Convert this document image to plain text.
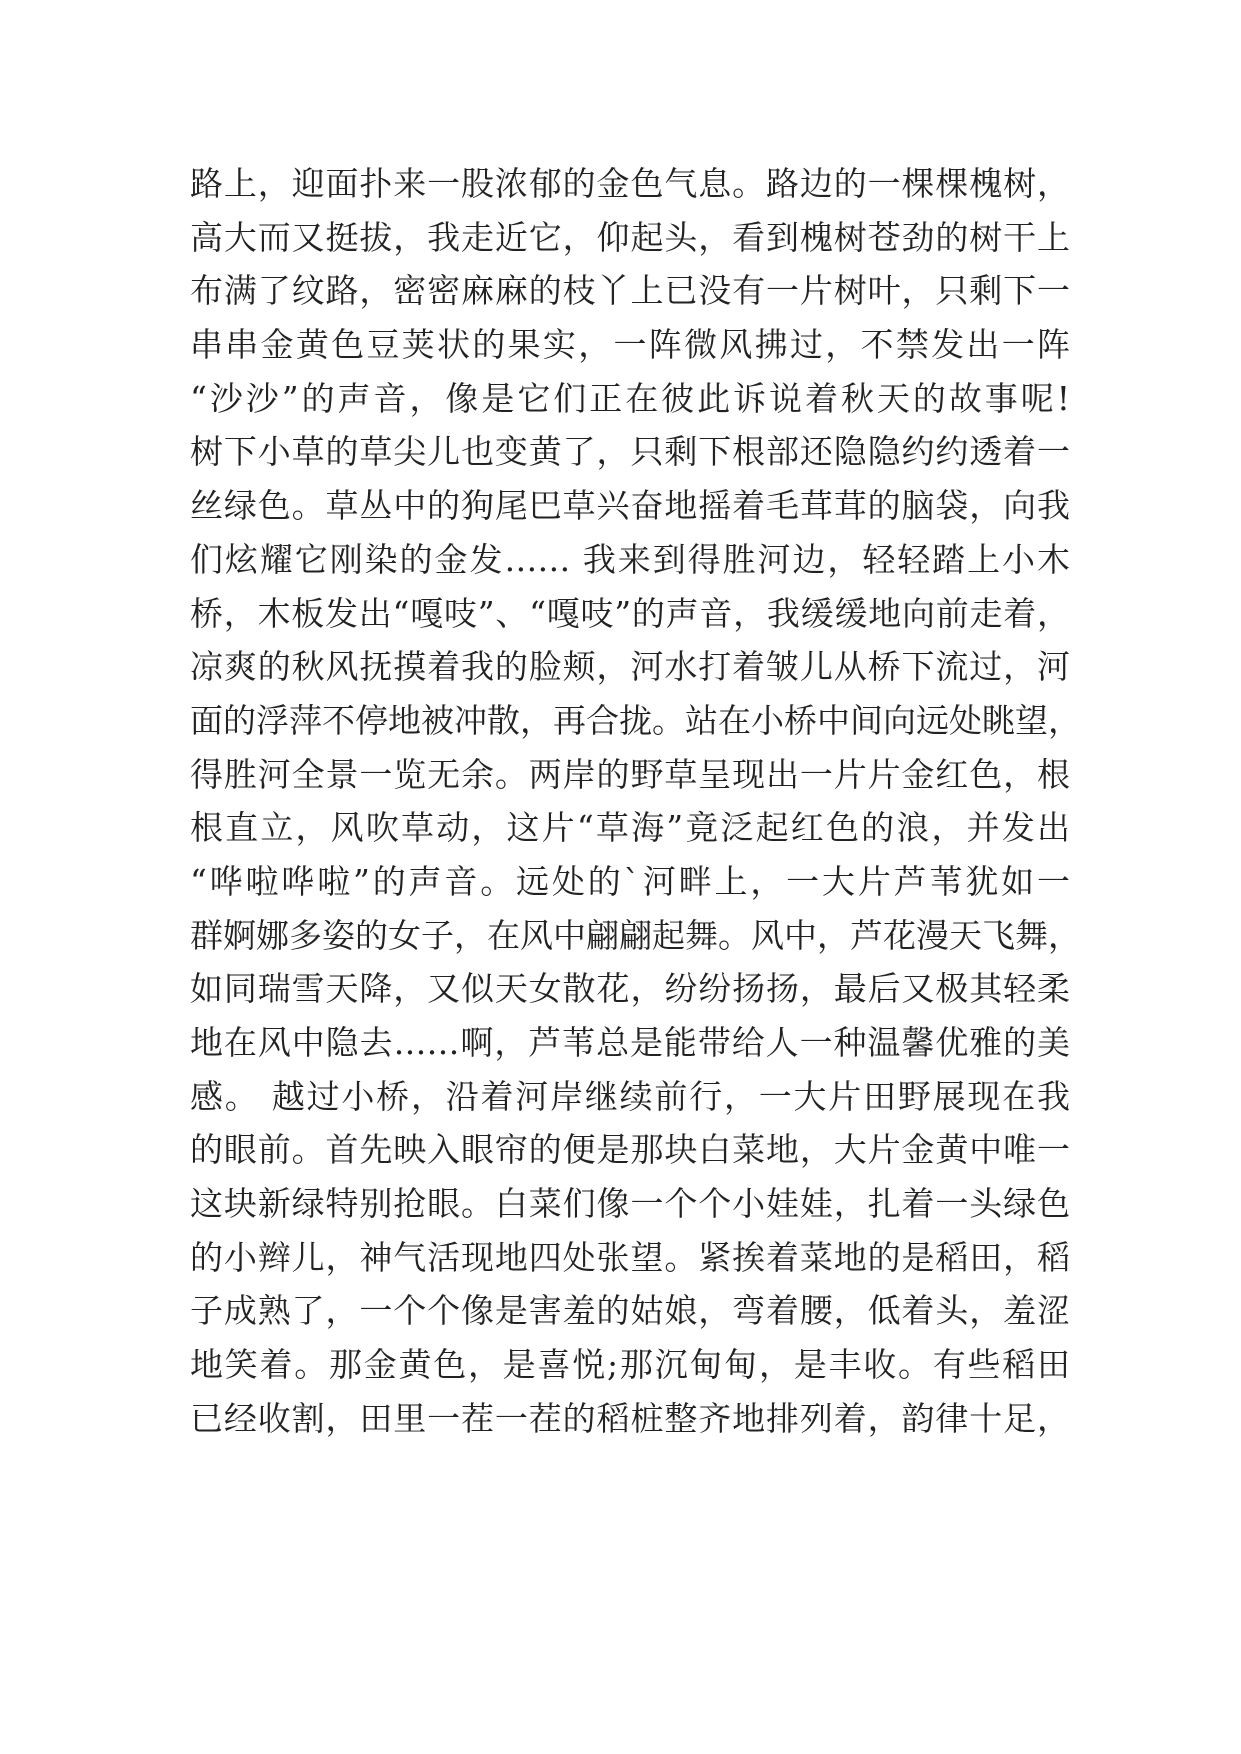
路上，迎面扑来一股浓郁的金色气息。路边的一棵棵槐树，
高大而又挺拔，我走近它，仰起头，看到槐树苍劲的树干上
布满了纹路，密密麻麻的枝丫上已没有一片树叶，只剩下一
串串金黄色豆荚状的果实，一阵微风拂过，不禁发出一阵
“沙沙”的声音，像是它们正在彼此诉说着秋天的故事呢!
树下小草的草尖儿也变黄了，只剩下根部还隐隐约约透着一
丝绿色。草丛中的狗尾巴草兴奋地摇着毛茸茸的脑袋，向我
们炫耀它刚染的金发…… 我来到得胜河边，轻轻踏上小木
桥，木板发出“嘎吱”、“嘎吱”的声音，我缓缓地向前走着，
凉爽的秋风抚摸着我的脸颊，河水打着皱儿从桥下流过，河
面的浮萍不停地被冲散，再合拢。站在小桥中间向远处眺望，
得胜河全景一览无余。两岸的野草呈现出一片片金红色，根
根直立，风吹草动，这片“草海”竟泛起红色的浪，并发出
“哗啦哗啦”的声音。远处的`河畔上，一大片芦苇犹如一
群婀娜多姿的女子，在风中翩翩起舞。风中，芦花漫天飞舞，
如同瑞雪天降，又似天女散花，纷纷扬扬，最后又极其轻柔
地在风中隐去……啊，芦苇总是能带给人一种温馨优雅的美
感。 越过小桥，沿着河岸继续前行，一大片田野展现在我
的眼前。首先映入眼帘的便是那块白菜地，大片金黄中唯一
这块新绿特别抢眼。白菜们像一个个小娃娃，扎着一头绿色
的小辫儿，神气活现地四处张望。紧挨着菜地的是稻田，稻
子成熟了，一个个像是害羞的姑娘，弯着腰，低着头，羞涩
地笑着。那金黄色，是喜悦;那沉甸甸，是丰收。有些稻田
已经收割，田里一茬一茬的稻桩整齐地排列着，韵律十足，
